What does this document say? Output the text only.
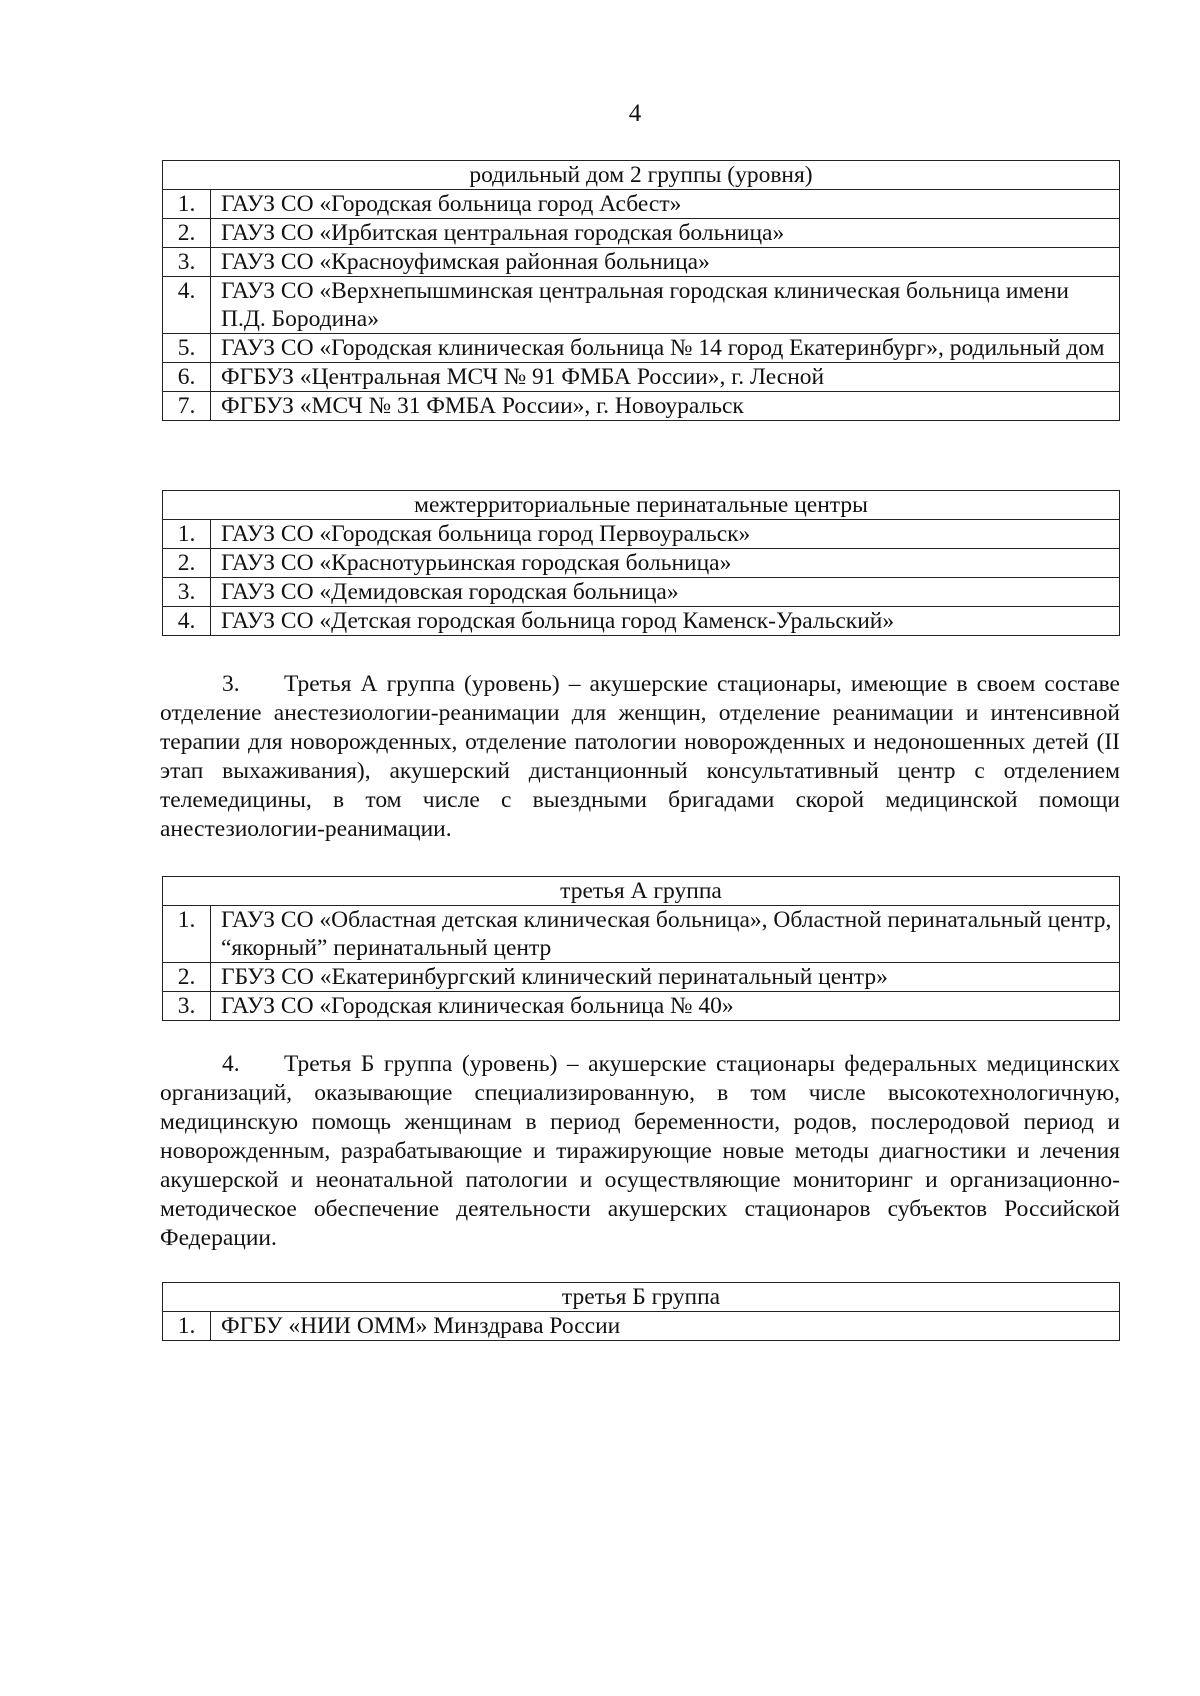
4
родильный дом 2 группы (уровня)	
1.	ГАУЗ СО «Городская больница город Асбест»
2.	ГАУЗ СО «Ирбитская центральная городская больница»
3.	ГАУЗ СО «Красноуфимская районная больница»
4.	ГАУЗ СО «Верхнепышминская центральная городская клиническая больница имени П.Д. Бородина»
5.	ГАУЗ СО «Городская клиническая больница № 14 город Екатеринбург», родильный дом
6.	ФГБУЗ «Центральная МСЧ № 91 ФМБА России», г. Лесной
7.	ФГБУЗ «МСЧ № 31 ФМБА России», г. Новоуральск
межтерриториальные перинатальные центры	
1.	ГАУЗ СО «Городская больница город Первоуральск»
2.	ГАУЗ СО «Краснотурьинская городская больница»
3.	ГАУЗ СО «Демидовская городская больница»
4.	ГАУЗ СО «Детская городская больница город Каменск-Уральский»

3. Третья А группа (уровень) – акушерские стационары, имеющие в своем составе отделение анестезиологии-реанимации для женщин, отделение реанимации и интенсивной терапии для новорожденных, отделение патологии новорожденных и недоношенных детей (II этап выхаживания), акушерский дистанционный консультативный центр с отделением телемедицины, в том числе с выездными бригадами скорой медицинской помощи анестезиологии-реанимации.

третья А группа	
1.	ГАУЗ СО «Областная детская клиническая больница», Областной перинатальный центр, “якорный” перинатальный центр
2.	ГБУЗ СО «Екатеринбургский клинический перинатальный центр»
3.	ГАУЗ СО «Городская клиническая больница № 40»

4. Третья Б группа (уровень) – акушерские стационары федеральных медицинских организаций, оказывающие специализированную, в том числе высокотехнологичную, медицинскую помощь женщинам в период беременности, родов, послеродовой период и новорожденным, разрабатывающие и тиражирующие новые методы диагностики и лечения акушерской и неонатальной патологии и осуществляющие мониторинг и организационно-методическое обеспечение деятельности акушерских стационаров субъектов Российской Федерации.

третья Б группа
1.	ФГБУ «НИИ ОММ» Минздрава России
